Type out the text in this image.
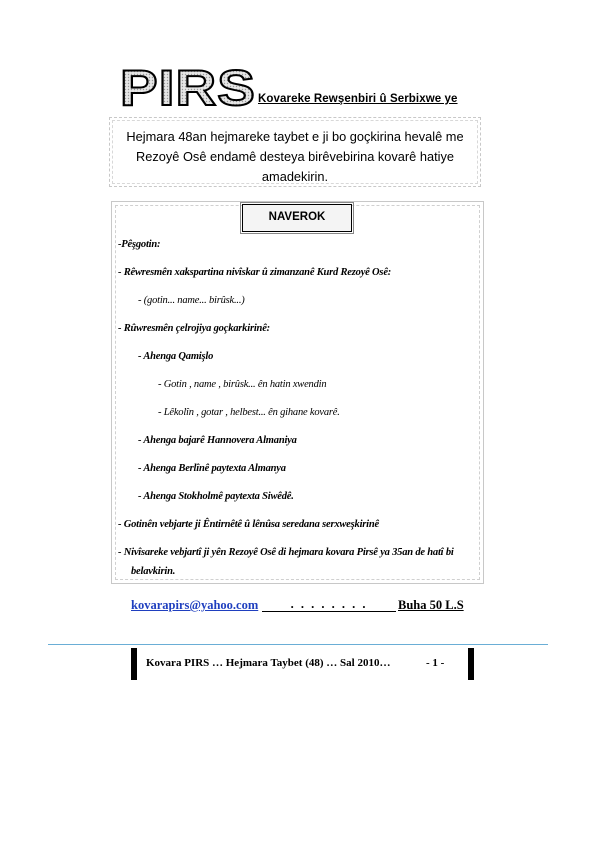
PIRS Kovareke Rewşenbiri û Serbixwe ye
Hejmara 48an hejmareke taybet e ji bo goçkirina hevalê me Rezoyê Osê endamê desteya birêvebirina kovarê hatiye amadekirin.
NAVEROK
-Pêşgotin:
- Rêwresmên xakspartina nivîskar û zimanzanê Kurd Rezoyê Osê:
- (gotin... name... birûsk...)
- Rûwresmên çelrojiya goçkarkirinê:
- Ahenga Qamişlo
- Gotin , name , birûsk... ên hatin xwendin
- Lêkolîn , gotar , helbest... ên gihane kovarê.
- Ahenga bajarê Hannovera Almaniya
- Ahenga Berlînê paytexta Almanya
- Ahenga Stokholmê paytexta Siwêdê.
- Gotinên vebjarte ji Êntirnêtê û lênûsa seredana serxweşkirinê
- Nivîsareke vebjartî ji yên Rezoyê Osê di hejmara kovara Pirsê ya 35an de hatî bi
belavkirin.
kovarapirs@yahoo.com	. . . . . . . .	Buha 50 L.S
Kovara PIRS … Hejmara Taybet (48) … Sal 2010…	- 1 -
